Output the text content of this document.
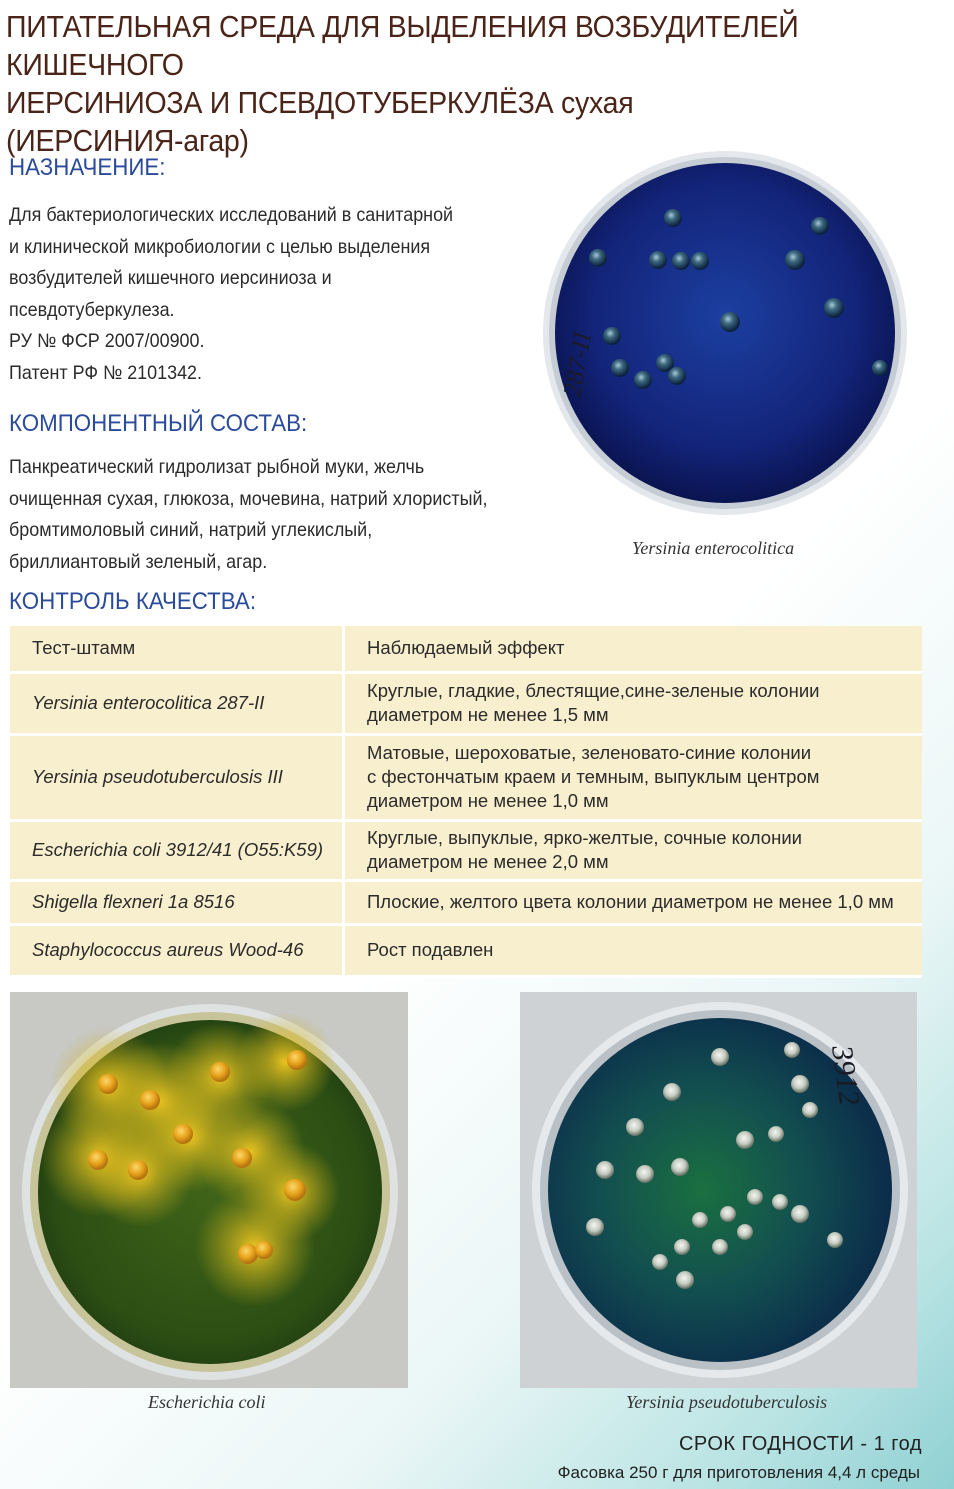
ПИТАТЕЛЬНАЯ СРЕДА ДЛЯ ВЫДЕЛЕНИЯ ВОЗБУДИТЕЛЕЙ КИШЕЧНОГО
ИЕРСИНИОЗА И ПСЕВДОТУБЕРКУЛЁЗА сухая
(ИЕРСИНИЯ-агар)
НАЗНАЧЕНИЕ:
Для бактериологических исследований в санитарной
и клинической микробиологии с целью выделения
возбудителей кишечного иерсиниоза и
псевдотуберкулеза.
РУ № ФСР 2007/00900.
Патент РФ № 2101342.
КОМПОНЕНТНЫЙ СОСТАВ:
Панкреатический гидролизат рыбной муки, желчь
очищенная сухая, глюкоза, мочевина, натрий хлористый,
бромтимоловый синий, натрий углекислый,
бриллиантовый зеленый, агар.
287-II
Yersinia enterocolitica
КОНТРОЛЬ КАЧЕСТВА:
Тест-штамм	Наблюдаемый эффект
Yersinia enterocolitica 287-II	Круглые, гладкие, блестящие,сине-зеленые колонии
диаметром не менее 1,5 мм

Yersinia pseudotuberculosis III	Матовые, шероховатые, зеленовато-синие колонии
с фестончатым краем и темным, выпуклым центром
диаметром не менее 1,0 мм

Escherichia coli 3912/41 (O55:K59)	Круглые, выпуклые, ярко-желтые, сочные колонии
диаметром не менее 2,0 мм

Shigella flexneri 1a 8516	Плоские, желтого цвета колонии диаметром не менее 1,0 мм
Staphylococcus aureus Wood-46	Рост подавлен
Escherichia coli
3912
Yersinia pseudotuberculosis
СРОК ГОДНОСТИ - 1 год
Фасовка 250 г для приготовления 4,4 л среды
